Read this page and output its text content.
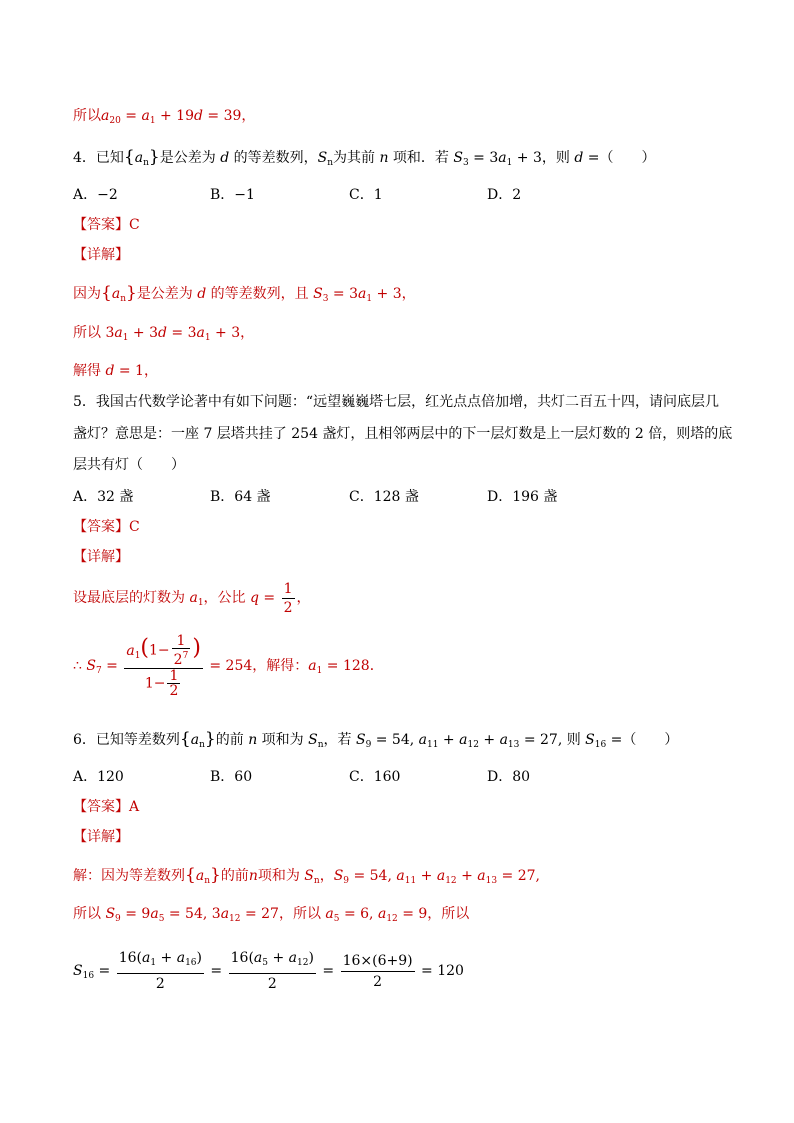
所以$a_{20} = a_1 + 19d = 39$，
4．已知$\{a_n\}$是公差为 d 的等差数列，$S_n$为其前 n 项和．若 $S_3 = 3a_1 + 3$，则 d =（　　）
A．−2	B．−1	C．1	D．2
【答案】C
【详解】
因为$\{a_n\}$是公差为 d 的等差数列，且 $S_3 = 3a_1 + 3$，
所以 $3a_1 + 3d = 3a_1 + 3$，
解得 d = 1，
5．我国古代数学论著中有如下问题：“远望巍巍塔七层，红光点点倍加增，共灯二百五十四，请问底层几
盏灯？意思是：一座 7 层塔共挂了 254 盏灯，且相邻两层中的下一层灯数是上一层灯数的 2 倍，则塔的底
层共有灯（　　）
A．32 盏	B．64 盏	C．128 盏	D．196 盏
【答案】C
【详解】
设最底层的灯数为 $a_1$，公比 $q = \frac{1}{2}$ ，
∴ $S_7 = \frac{a_1(1- \frac{1}{2^7} )}{1- \frac{1}{2}} = 254$，解得：$a_1 = 128$．
6．已知等差数列$\{a_n\}$的前 n 项和为 $S_n$，若 $S_9 = 54$, $a_{11} + a_{12} + a_{13} = 27$, 则 $S_{16}$ =（　　）
A．120	B．60	C．160	D．80
【答案】A
【详解】
解：因为等差数列$\{a_n\}$的前n项和为 $S_n$，$S_9 = 54$, $a_{11} + a_{12} + a_{13} = 27$,
所以 $S_9 = 9a_5 = 54$, $3a_{12} = 27$，所以 $a_5 = 6$, $a_{12} = 9$，所以
$S_{16} = \frac{16(a_1 + a_{16})}{2} = \frac{16(a_5 + a_{12})}{2} = \frac{16\times(6+9)}{2} = 120$
